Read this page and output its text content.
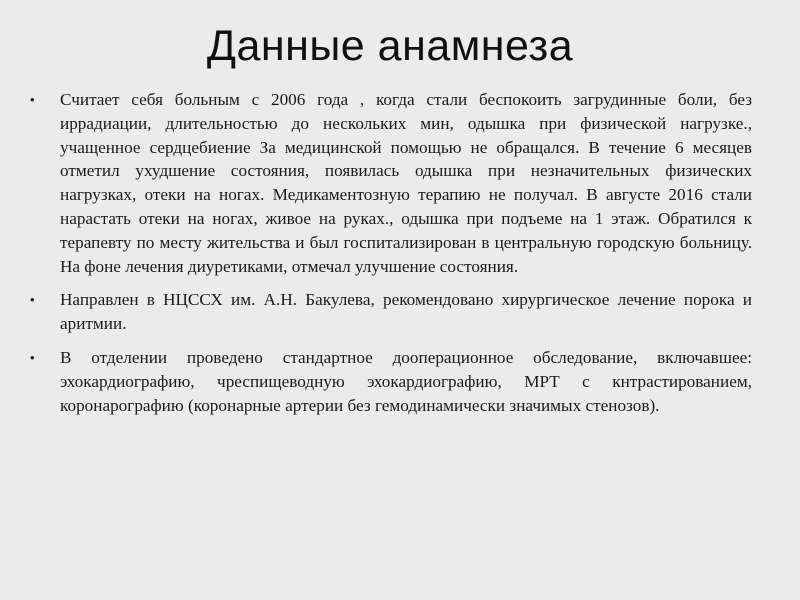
Данные анамнеза
• Считает себя больным с 2006 года , когда стали беспокоить загрудинные боли, без иррадиации, длительностью до нескольких мин, одышка при физической нагрузке., учащенное сердцебиение За медицинской помощью не обращался. В течение 6 месяцев отметил ухудшение состояния, появилась одышка при незначительных физических нагрузках, отеки на ногах. Медикаментозную терапию не получал. В августе 2016 стали нарастать отеки на ногах, живое на руках., одышка при подъеме на 1 этаж. Обратился к терапевту по месту жительства и был госпитализирован в центральную городскую больницу. На фоне лечения диуретиками, отмечал улучшение состояния.
• Направлен в НЦССХ им. А.Н. Бакулева, рекомендовано хирургическое лечение порока и аритмии.
• В отделении проведено стандартное дооперационное обследование, включавшее: эхокардиографию, чреспищеводную эхокардиографию, МРТ с кнтрастированием, коронарографию (коронарные артерии без гемодинамически значимых стенозов).
